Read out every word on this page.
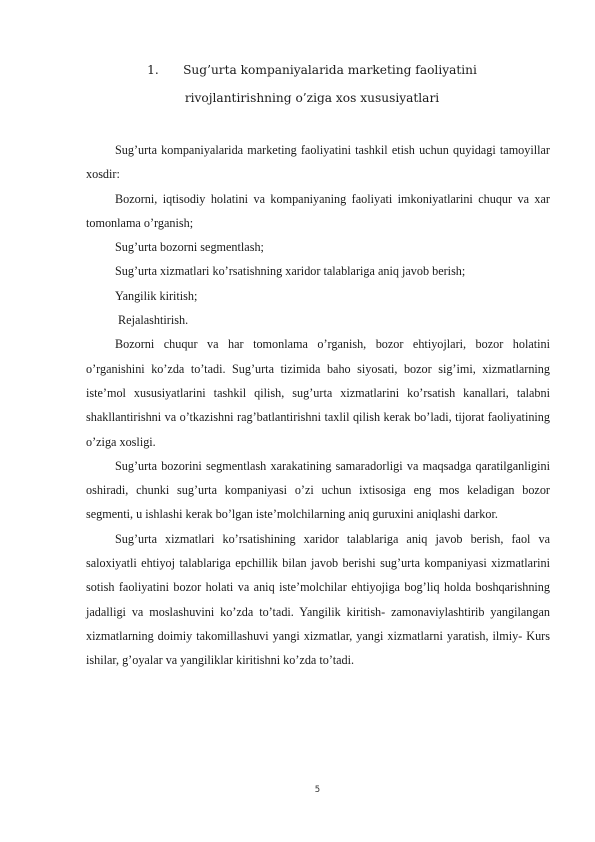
1. Sug’urta kompaniyalarida marketing faoliyatini
rivojlantirishning o’ziga xos xususiyatlari

Sug’urta kompaniyalarida marketing faoliyatini tashkil etish uchun quyidagi tamoyillar xosdir:

Bozorni, iqtisodiy holatini va kompaniyaning faoliyati imkoniyatlarini chuqur va xar tomonlama o’rganish;

Sug’urta bozorni segmentlash;

Sug’urta xizmatlari ko’rsatishning xaridor talablariga aniq javob berish;

Yangilik kiritish;

Rejalashtirish.

Bozorni chuqur va har tomonlama o’rganish, bozor ehtiyojlari, bozor holatini o’rganishini ko’zda to’tadi. Sug’urta tizimida baho siyosati, bozor sig’imi, xizmatlarning iste’mol xususiyatlarini tashkil qilish, sug’urta xizmatlarini ko’rsatish kanallari, talabni shakllantirishni va o’tkazishni rag’batlantirishni taxlil qilish kerak bo’ladi, tijorat faoliyatining o’ziga xosligi.

Sug’urta bozorini segmentlash xarakatining samaradorligi va maqsadga qaratilganligini oshiradi, chunki sug’urta kompaniyasi o’zi uchun ixtisosiga eng mos keladigan bozor segmenti, u ishlashi kerak bo’lgan iste’molchilarning aniq guruxini aniqlashi darkor.

Sug’urta xizmatlari ko’rsatishining xaridor talablariga aniq javob berish, faol va saloxiyatli ehtiyoj talablariga epchillik bilan javob berishi sug’urta kompaniyasi xizmatlarini sotish faoliyatini bozor holati va aniq iste’molchilar ehtiyojiga bog’liq holda boshqarishning jadalligi va moslashuvini ko’zda to’tadi. Yangilik kiritish- zamonaviylashtirib yangilangan xizmatlarning doimiy takomillashuvi yangi xizmatlar, yangi xizmatlarni yaratish, ilmiy- Kurs ishilar, g’oyalar va yangiliklar kiritishni ko’zda to’tadi.

5
